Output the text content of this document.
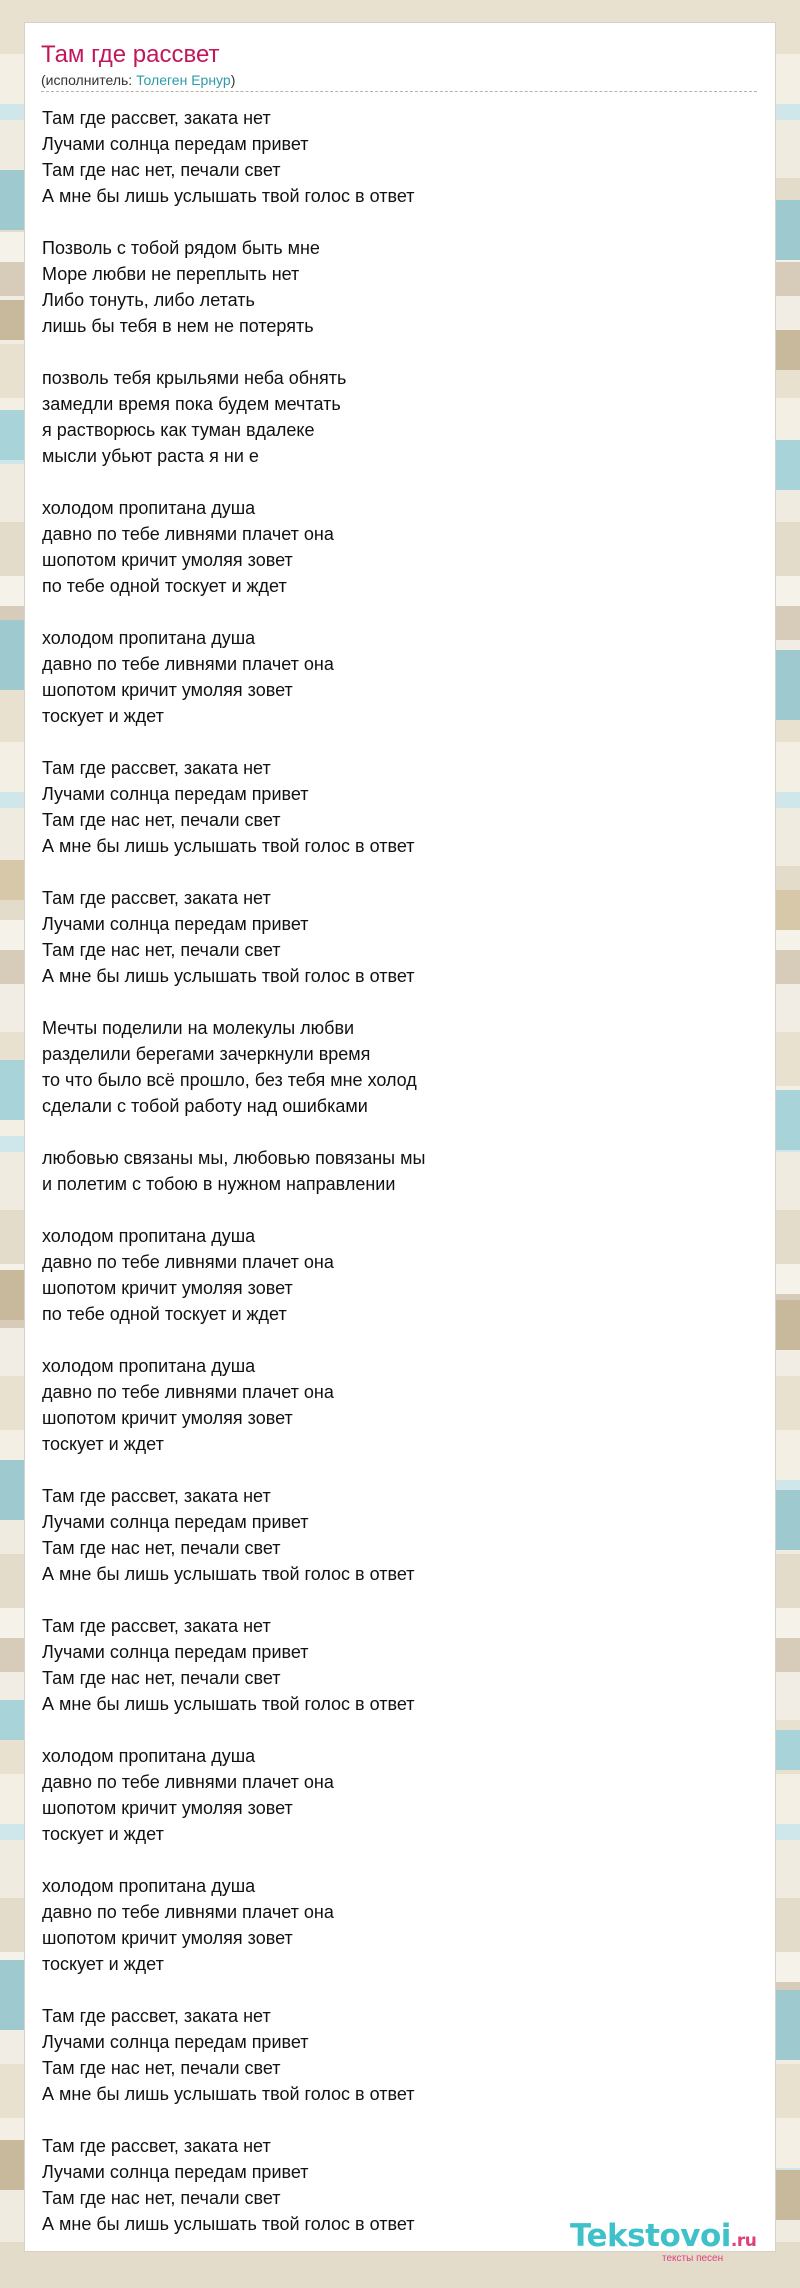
Там где рассвет
(исполнитель: Толеген Ернур)
Там где рассвет, заката нет
Лучами солнца передам привет
Там где нас нет, печали свет
А мне бы лишь услышать твой голос в ответ
Позволь с тобой рядом быть мне
Море любви не переплыть нет
Либо тонуть, либо летать
лишь бы тебя в нем не потерять
позволь тебя крыльями неба обнять
замедли время пока будем мечтать
я растворюсь как туман вдалеке
мысли убьют раста я ни е
холодом пропитана душа
давно по тебе ливнями плачет она
шопотом кричит умоляя зовет
по тебе одной тоскует и ждет
холодом пропитана душа
давно по тебе ливнями плачет она
шопотом кричит умоляя зовет
тоскует и ждет
Там где рассвет, заката нет
Лучами солнца передам привет
Там где нас нет, печали свет
А мне бы лишь услышать твой голос в ответ
Там где рассвет, заката нет
Лучами солнца передам привет
Там где нас нет, печали свет
А мне бы лишь услышать твой голос в ответ
Мечты поделили на молекулы любви
разделили берегами зачеркнули время
то что было всё прошло, без тебя мне холод
сделали с тобой работу над ошибками
любовью связаны мы, любовью повязаны мы
и полетим с тобою в нужном направлении
холодом пропитана душа
давно по тебе ливнями плачет она
шопотом кричит умоляя зовет
по тебе одной тоскует и ждет
холодом пропитана душа
давно по тебе ливнями плачет она
шопотом кричит умоляя зовет
тоскует и ждет
Там где рассвет, заката нет
Лучами солнца передам привет
Там где нас нет, печали свет
А мне бы лишь услышать твой голос в ответ
Там где рассвет, заката нет
Лучами солнца передам привет
Там где нас нет, печали свет
А мне бы лишь услышать твой голос в ответ
холодом пропитана душа
давно по тебе ливнями плачет она
шопотом кричит умоляя зовет
тоскует и ждет
холодом пропитана душа
давно по тебе ливнями плачет она
шопотом кричит умоляя зовет
тоскует и ждет
Там где рассвет, заката нет
Лучами солнца передам привет
Там где нас нет, печали свет
А мне бы лишь услышать твой голос в ответ
Там где рассвет, заката нет
Лучами солнца передам привет
Там где нас нет, печали свет
А мне бы лишь услышать твой голос в ответ	Tekstovoi.ru
тексты песен
